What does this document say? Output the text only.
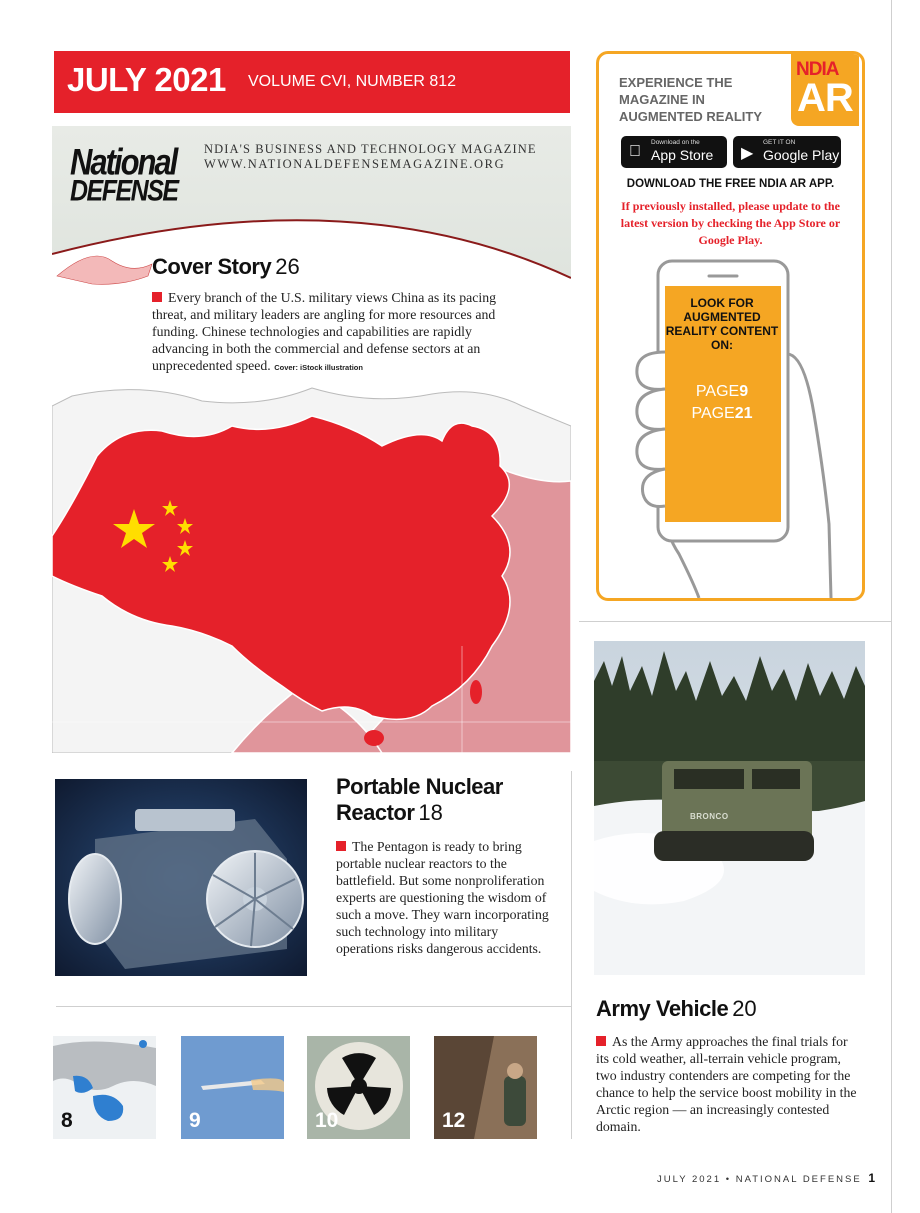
JULY 2021 VOLUME CVI, NUMBER 812
National
DEFENSE
NDIA'S BUSINESS AND TECHNOLOGY MAGAZINE
WWW.NATIONALDEFENSEMAGAZINE.ORG
Cover Story 26
Every branch of the U.S. military views China as its pacing threat, and military leaders are angling for more resources and funding. Chinese technologies and capabilities are rapidly advancing in both the commercial and defense sectors at an unprecedented speed. Cover: iStock illustration
EXPERIENCE THE MAGAZINE IN AUGMENTED REALITY
NDIA
AR
Download on the
App Store ▶
GET IT ON
Google Play
DOWNLOAD THE FREE NDIA AR APP.
If previously installed, please update to the latest version by checking the App Store or Google Play.
LOOK FOR AUGMENTED REALITY CONTENT ON:
PAGE9
PAGE21
BRONCO
Army Vehicle 20
As the Army approaches the final trials for its cold weather, all-terrain vehicle program, two industry contenders are competing for the chance to help the service boost mobility in the Arctic region — an increasingly contested domain.
Portable Nuclear
Reactor 18
The Pentagon is ready to bring portable nuclear reactors to the battlefield. But some nonproliferation experts are questioning the wisdom of such a move. They warn incorporating such technology into military operations risks dangerous accidents.
8	9	10	12
JULY 2021 • NATIONAL DEFENSE 1
